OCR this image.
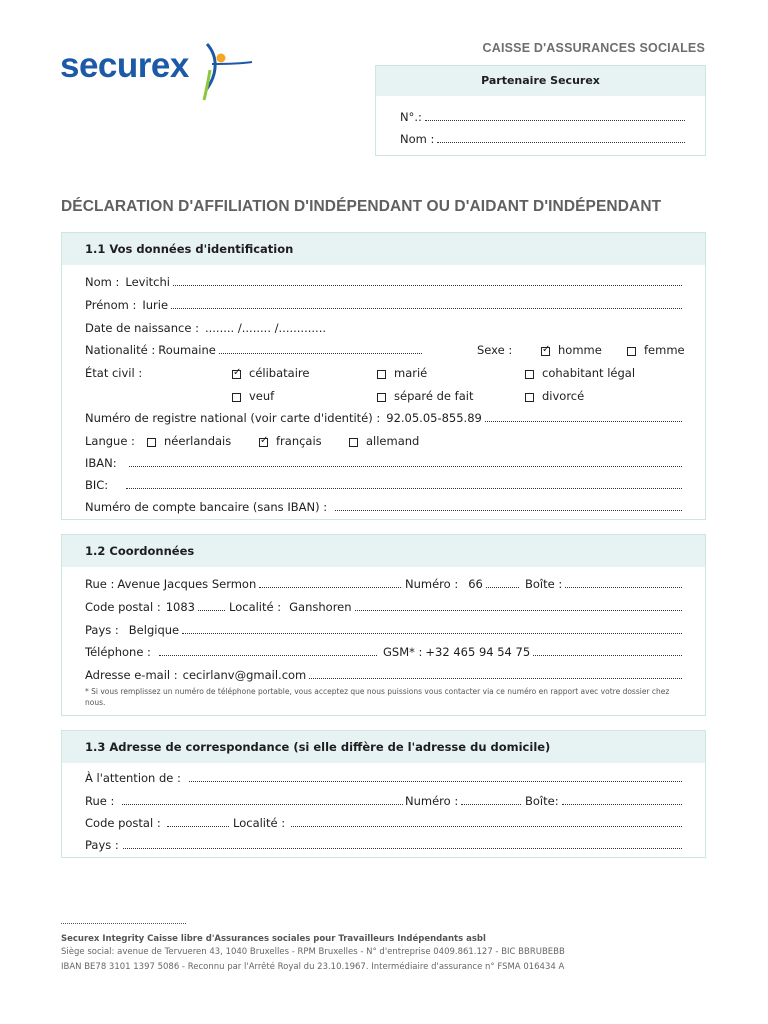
securex	CAISSE D'ASSURANCES SOCIALES
Partenaire Securex
N°.:
Nom :
DÉCLARATION D'AFFILIATION D'INDÉPENDANT OU D'AIDANT D'INDÉPENDANT
1.1 Vos données d'identification
Nom : Levitchi
Prénom : Iurie
Date de naissance : ........ /........ /.............
Nationalité : Roumaine	Sexe : ✓	homme	femme
État civil : ✓	célibataire	marié	cohabitant légal
veuf	séparé de fait	divorcé
Numéro de registre national (voir carte d'identité) : 92.05.05-855.89
Langue :	néerlandais ✓	français	allemand
IBAN:
BIC:
Numéro de compte bancaire (sans IBAN) :
1.2 Coordonnées
Rue : Avenue Jacques Sermon	Numéro : 66	Boîte :
Code postal : 1083	Localité : Ganshoren
Pays : Belgique
Téléphone :	GSM* : +32 465 94 54 75
Adresse e-mail : cecirlanv@gmail.com
* Si vous remplissez un numéro de téléphone portable, vous acceptez que nous puissions vous contacter via ce numéro en rapport avec votre dossier chez nous.
1.3 Adresse de correspondance (si elle diffère de l'adresse du domicile)
À l'attention de :
Rue :	Numéro :	Boîte:
Code postal :	Localité :
Pays :
Securex Integrity Caisse libre d'Assurances sociales pour Travailleurs Indépendants asbl
Siège social: avenue de Tervueren 43, 1040 Bruxelles - RPM Bruxelles - N° d'entreprise 0409.861.127 - BIC BBRUBEBB
IBAN BE78 3101 1397 5086 - Reconnu par l'Arrêté Royal du 23.10.1967. Intermédiaire d'assurance n° FSMA 016434 A
